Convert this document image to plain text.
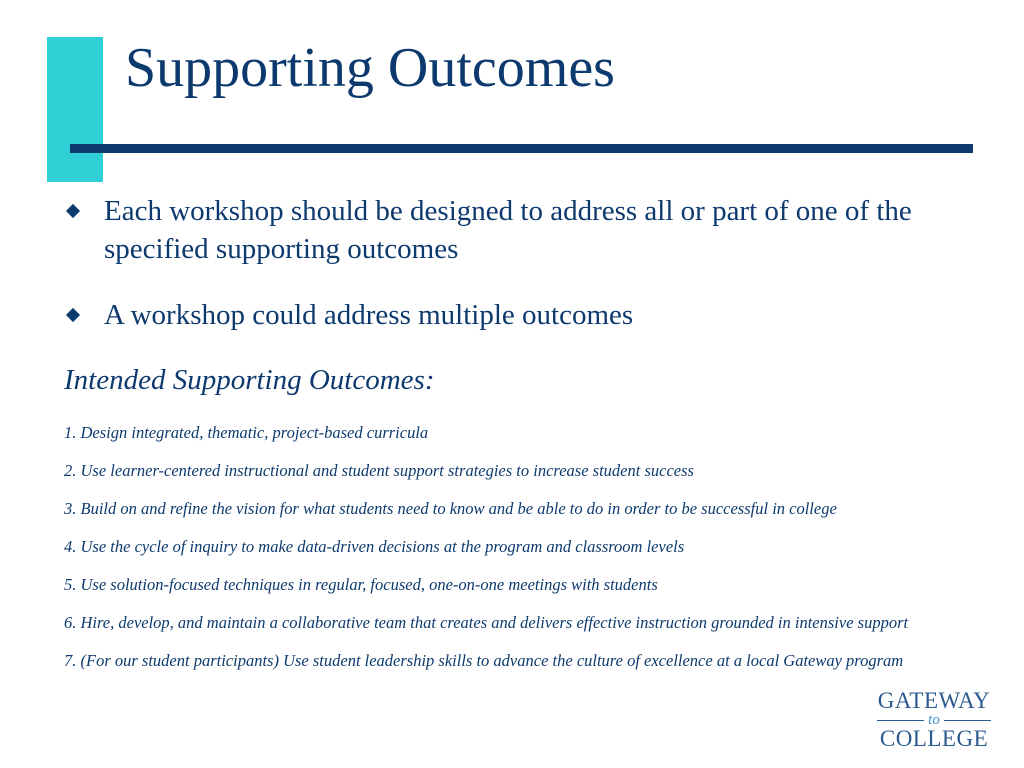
Supporting Outcomes
Each workshop should be designed to address all or part of one of the specified supporting outcomes
A workshop could address multiple outcomes
Intended Supporting Outcomes:
1. Design integrated, thematic, project-based curricula
2. Use learner-centered instructional and student support strategies to increase student success
3. Build on and refine the vision for what students need to know and be able to do in order to be successful in college
4. Use the cycle of inquiry to make data-driven decisions at the program and classroom levels
5. Use solution-focused techniques in regular, focused, one-on-one meetings with students
6. Hire, develop, and maintain a collaborative team that creates and delivers effective instruction grounded in intensive support
7. (For our student participants) Use student leadership skills to advance the culture of excellence at a local Gateway program
GATEWAY
to
COLLEGE
